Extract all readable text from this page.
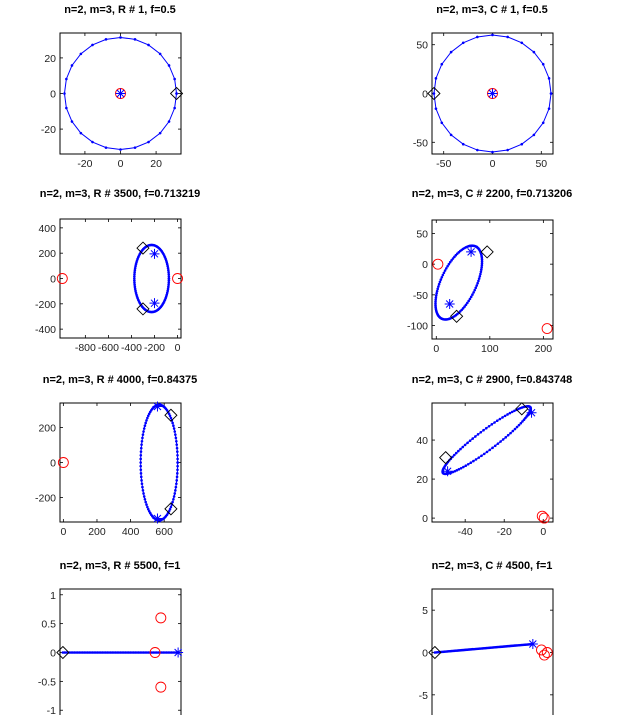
n=2, m=3, R # 1, f=0.5
-20 0	20
-20
0
20
n=2, m=3, C # 1, f=0.5
-50	0	50
-50
0
50
n=2, m=3, R # 3500, f=0.713219
-800 -600 -400 -200 0
-400
-200
0
200
400
n=2, m=3, C # 2200, f=0.713206
0	100	200
-100
-50
0
50
n=2, m=3, R # 4000, f=0.84375
0 200 400 600
-200
0
200
n=2, m=3, C # 2900, f=0.843748
-40 -20	0
0
20
40
n=2, m=3, R # 5500, f=1
-1
-0.5
0
0.5
1
n=2, m=3, C # 4500, f=1
-5
0
5
